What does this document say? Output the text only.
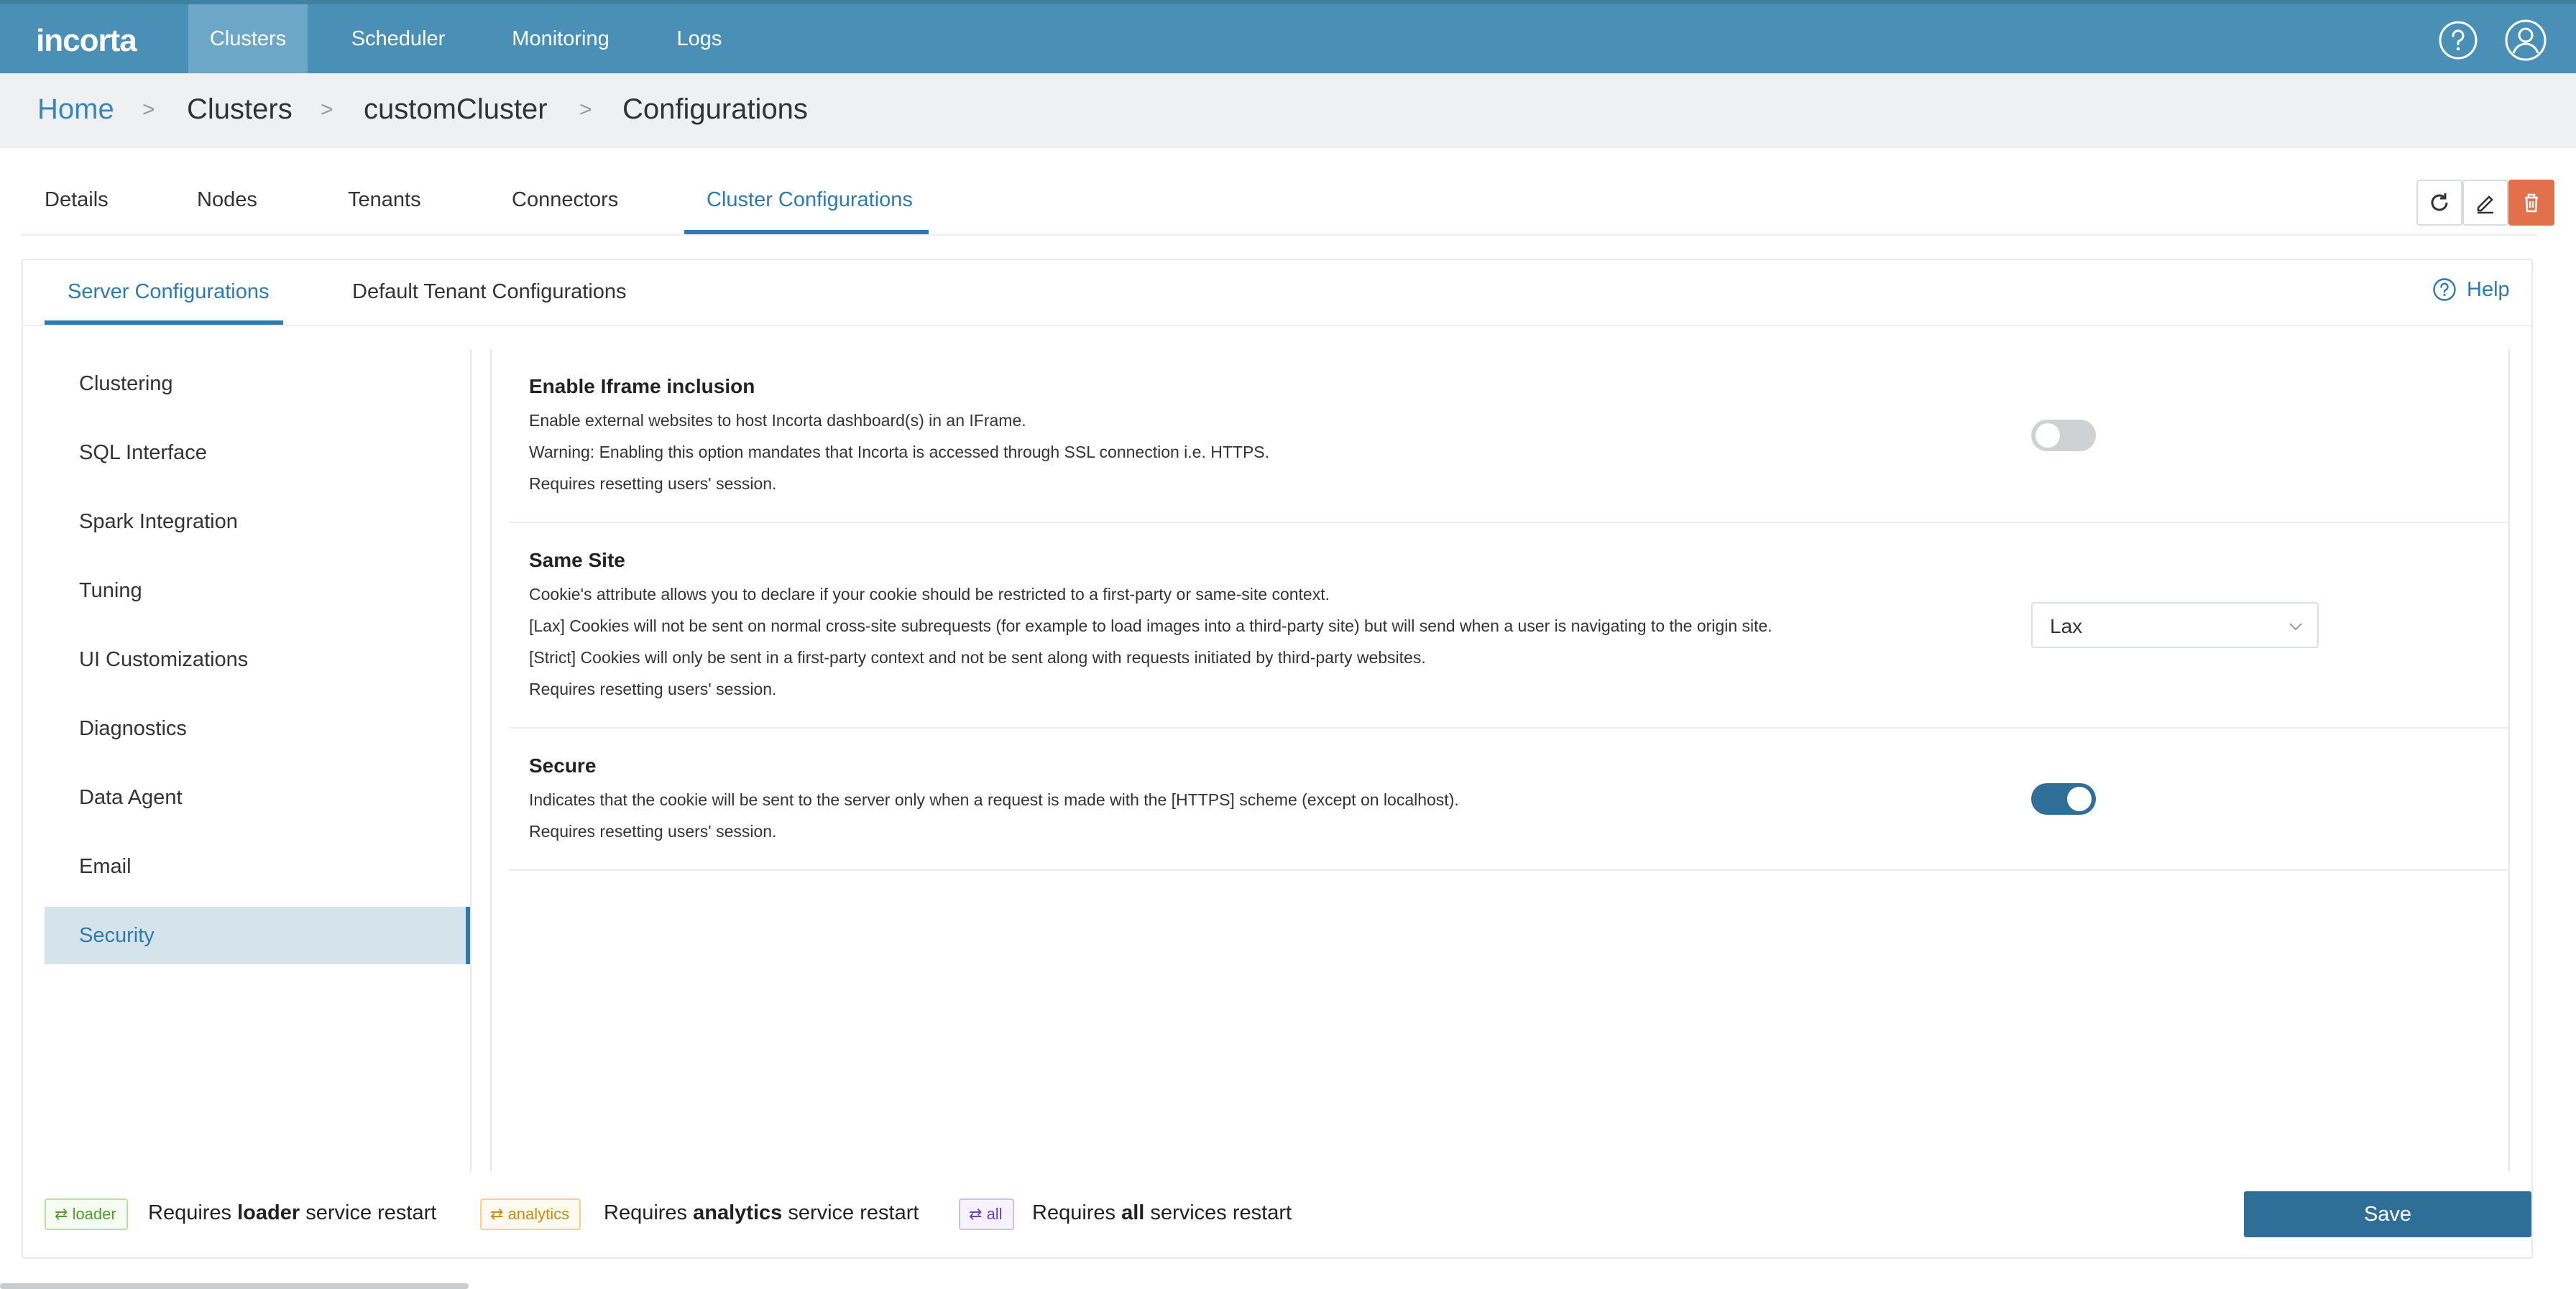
incorta	Clusters	Scheduler	Monitoring	Logs
Home > Clusters > customCluster > Configurations
Details	Nodes	Tenants	Connectors	Cluster Configurations
Server Configurations	Default Tenant Configurations	Help
Clustering
SQL Interface
Spark Integration
Tuning
UI Customizations
Diagnostics
Data Agent
Email
Security
Enable Iframe inclusion
Enable external websites to host Incorta dashboard(s) in an IFrame.
Warning: Enabling this option mandates that Incorta is accessed through SSL connection i.e. HTTPS.
Requires resetting users' session.
Same Site
Cookie's attribute allows you to declare if your cookie should be restricted to a first-party or same-site context.
[Lax] Cookies will not be sent on normal cross-site subrequests (for example to load images into a third-party site) but will send when a user is navigating to the origin site.
[Strict] Cookies will only be sent in a first-party context and not be sent along with requests initiated by third-party websites.
Requires resetting users' session.
Lax
Secure
Indicates that the cookie will be sent to the server only when a request is made with the [HTTPS] scheme (except on localhost).
Requires resetting users' session.
⇄ loader	Requires loader service restart	⇄ analytics	Requires analytics service restart	⇄ all	Requires all services restart	Save
